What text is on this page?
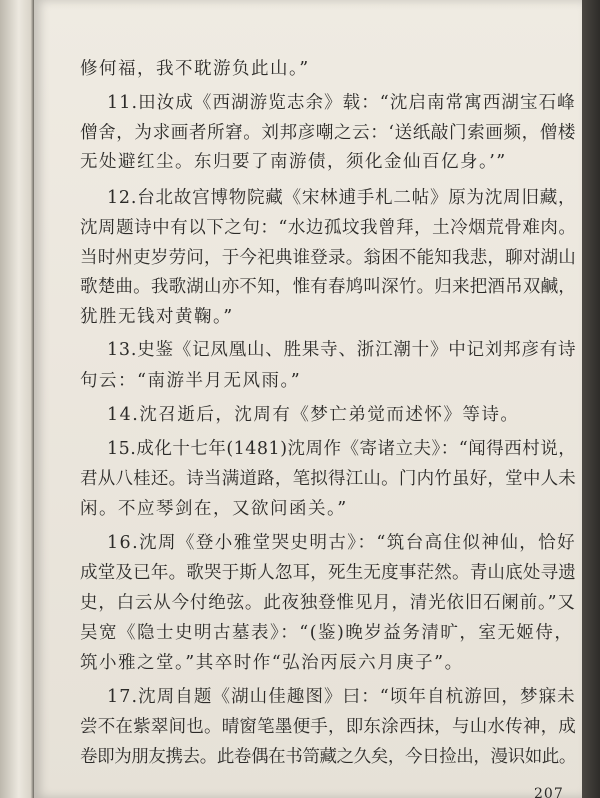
修何福，我不耽游负此山。”
11.田汝成《西湖游览志余》载：“沈启南常寓西湖宝石峰
僧舍，为求画者所窘。刘邦彦嘲之云：‘送纸敲门索画频，僧楼
无处避红尘。东归要了南游债，须化金仙百亿身。’”
12.台北故宫博物院藏《宋林逋手札二帖》原为沈周旧藏，
沈周题诗中有以下之句：“水边孤坟我曾拜，土冷烟荒骨难肉。
当时州吏岁劳问，于今祀典谁登录。翁困不能知我悲，聊对湖山
歌楚曲。我歌湖山亦不知，惟有春鸠叫深竹。归来把酒吊双鹹，
犹胜无钱对黄鞠。”
13.史鉴《记凤凰山、胜果寺、浙江潮十》中记刘邦彦有诗
句云：“南游半月无风雨。”
14.沈召逝后，沈周有《梦亡弟觉而述怀》等诗。
15.成化十七年(1481)沈周作《寄诸立夫》：“闻得西村说，
君从八桂还。诗当满道路，笔拟得江山。门内竹虽好，堂中人未
闲。不应琴剑在，又欲问函关。”
16.沈周《登小雅堂哭史明古》：“筑台高住似神仙，恰好
成堂及已年。歌哭于斯人忽耳，死生无度事茫然。青山底处寻遗
史，白云从今付绝弦。此夜独登惟见月，清光依旧石阑前。”又
吴宽《隐士史明古墓表》：“(鉴)晚岁益务清旷，室无姬侍，
筑小雅之堂。”其卒时作“弘治丙辰六月庚子”。
17.沈周自题《湖山佳趣图》曰：“顷年自杭游回，梦寐未
尝不在紫翠间也。晴窗笔墨便手，即东涂西抹，与山水传神，成
卷即为朋友携去。此卷偶在书笥藏之久矣，今日捡出，漫识如此。
207
